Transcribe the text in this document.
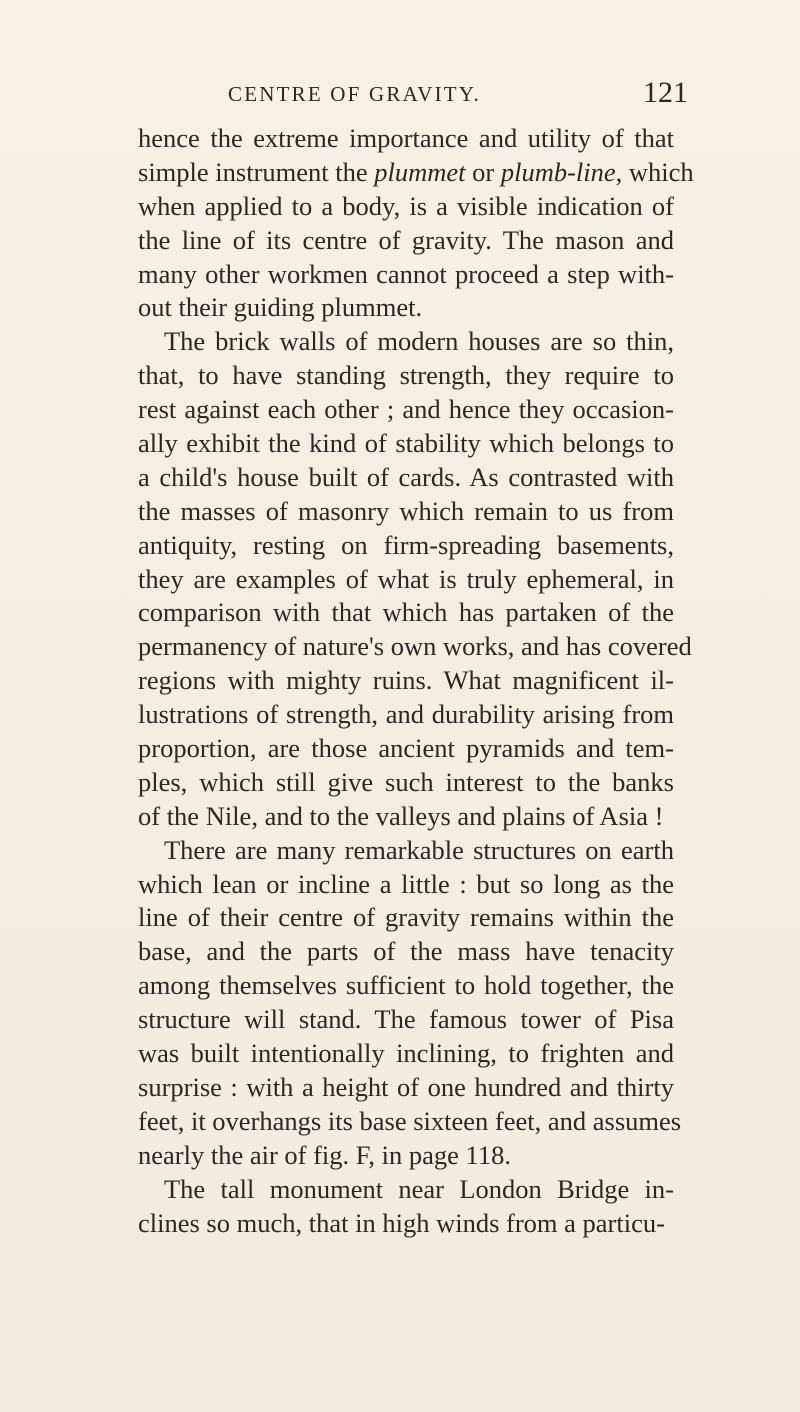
CENTRE OF GRAVITY.	121
hence the extreme importance and utility of that
simple instrument the plummet or plumb-line, which
when applied to a body, is a visible indication of
the line of its centre of gravity. The mason and
many other workmen cannot proceed a step with-
out their guiding plummet.
The brick walls of modern houses are so thin,
that, to have standing strength, they require to
rest against each other ; and hence they occasion-
ally exhibit the kind of stability which belongs to
a child's house built of cards. As contrasted with
the masses of masonry which remain to us from
antiquity, resting on firm-spreading basements,
they are examples of what is truly ephemeral, in
comparison with that which has partaken of the
permanency of nature's own works, and has covered
regions with mighty ruins. What magnificent il-
lustrations of strength, and durability arising from
proportion, are those ancient pyramids and tem-
ples, which still give such interest to the banks
of the Nile, and to the valleys and plains of Asia !
There are many remarkable structures on earth
which lean or incline a little : but so long as the
line of their centre of gravity remains within the
base, and the parts of the mass have tenacity
among themselves sufficient to hold together, the
structure will stand. The famous tower of Pisa
was built intentionally inclining, to frighten and
surprise : with a height of one hundred and thirty
feet, it overhangs its base sixteen feet, and assumes
nearly the air of fig. F, in page 118.
The tall monument near London Bridge in-
clines so much, that in high winds from a particu-
